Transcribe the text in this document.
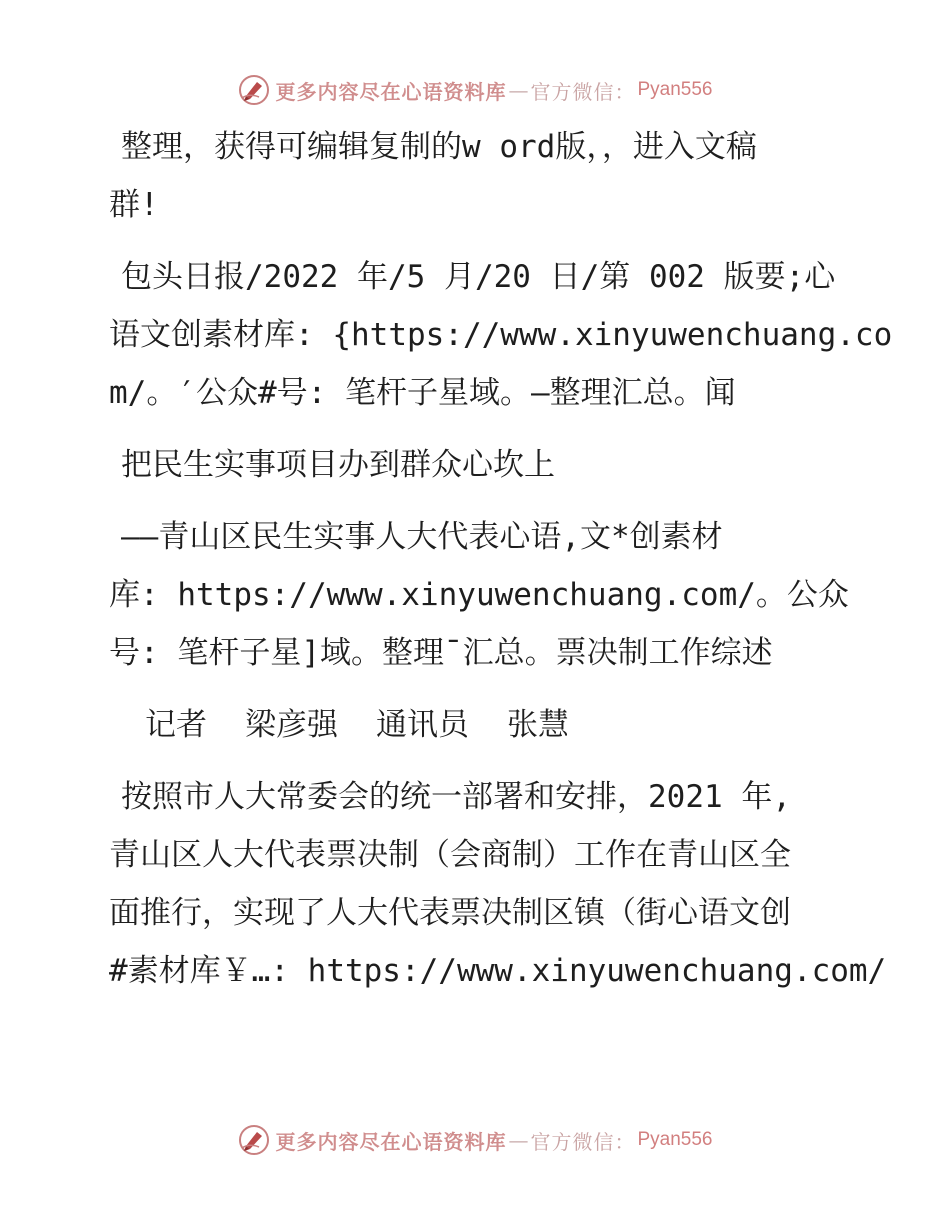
更多内容尽在心语资料库 — 官方微信： Pyan556
整理，获得可编辑复制的w ord版，，进入文稿
群!
包头日报/2022 年/5 月/20 日/第 002 版要;心
语文创素材库: {https://www.xinyuwenchuang.co
m/。′公众#号: 笔杆子星域。—整理汇总。闻
把民生实事项目办到群众心坎上
——青山区民生实事人大代表心语,文*创素材
库: https://www.xinyuwenchuang.com/。公众
号: 笔杆子星]域。整理¯汇总。票决制工作综述
记者 梁彦强 通讯员 张慧
按照市人大常委会的统一部署和安排，2021 年,
青山区人大代表票决制（会商制）工作在青山区全
面推行，实现了人大代表票决制区镇（街心语文创
#素材库￥…: https://www.xinyuwenchuang.com/
更多内容尽在心语资料库 — 官方微信： Pyan556
